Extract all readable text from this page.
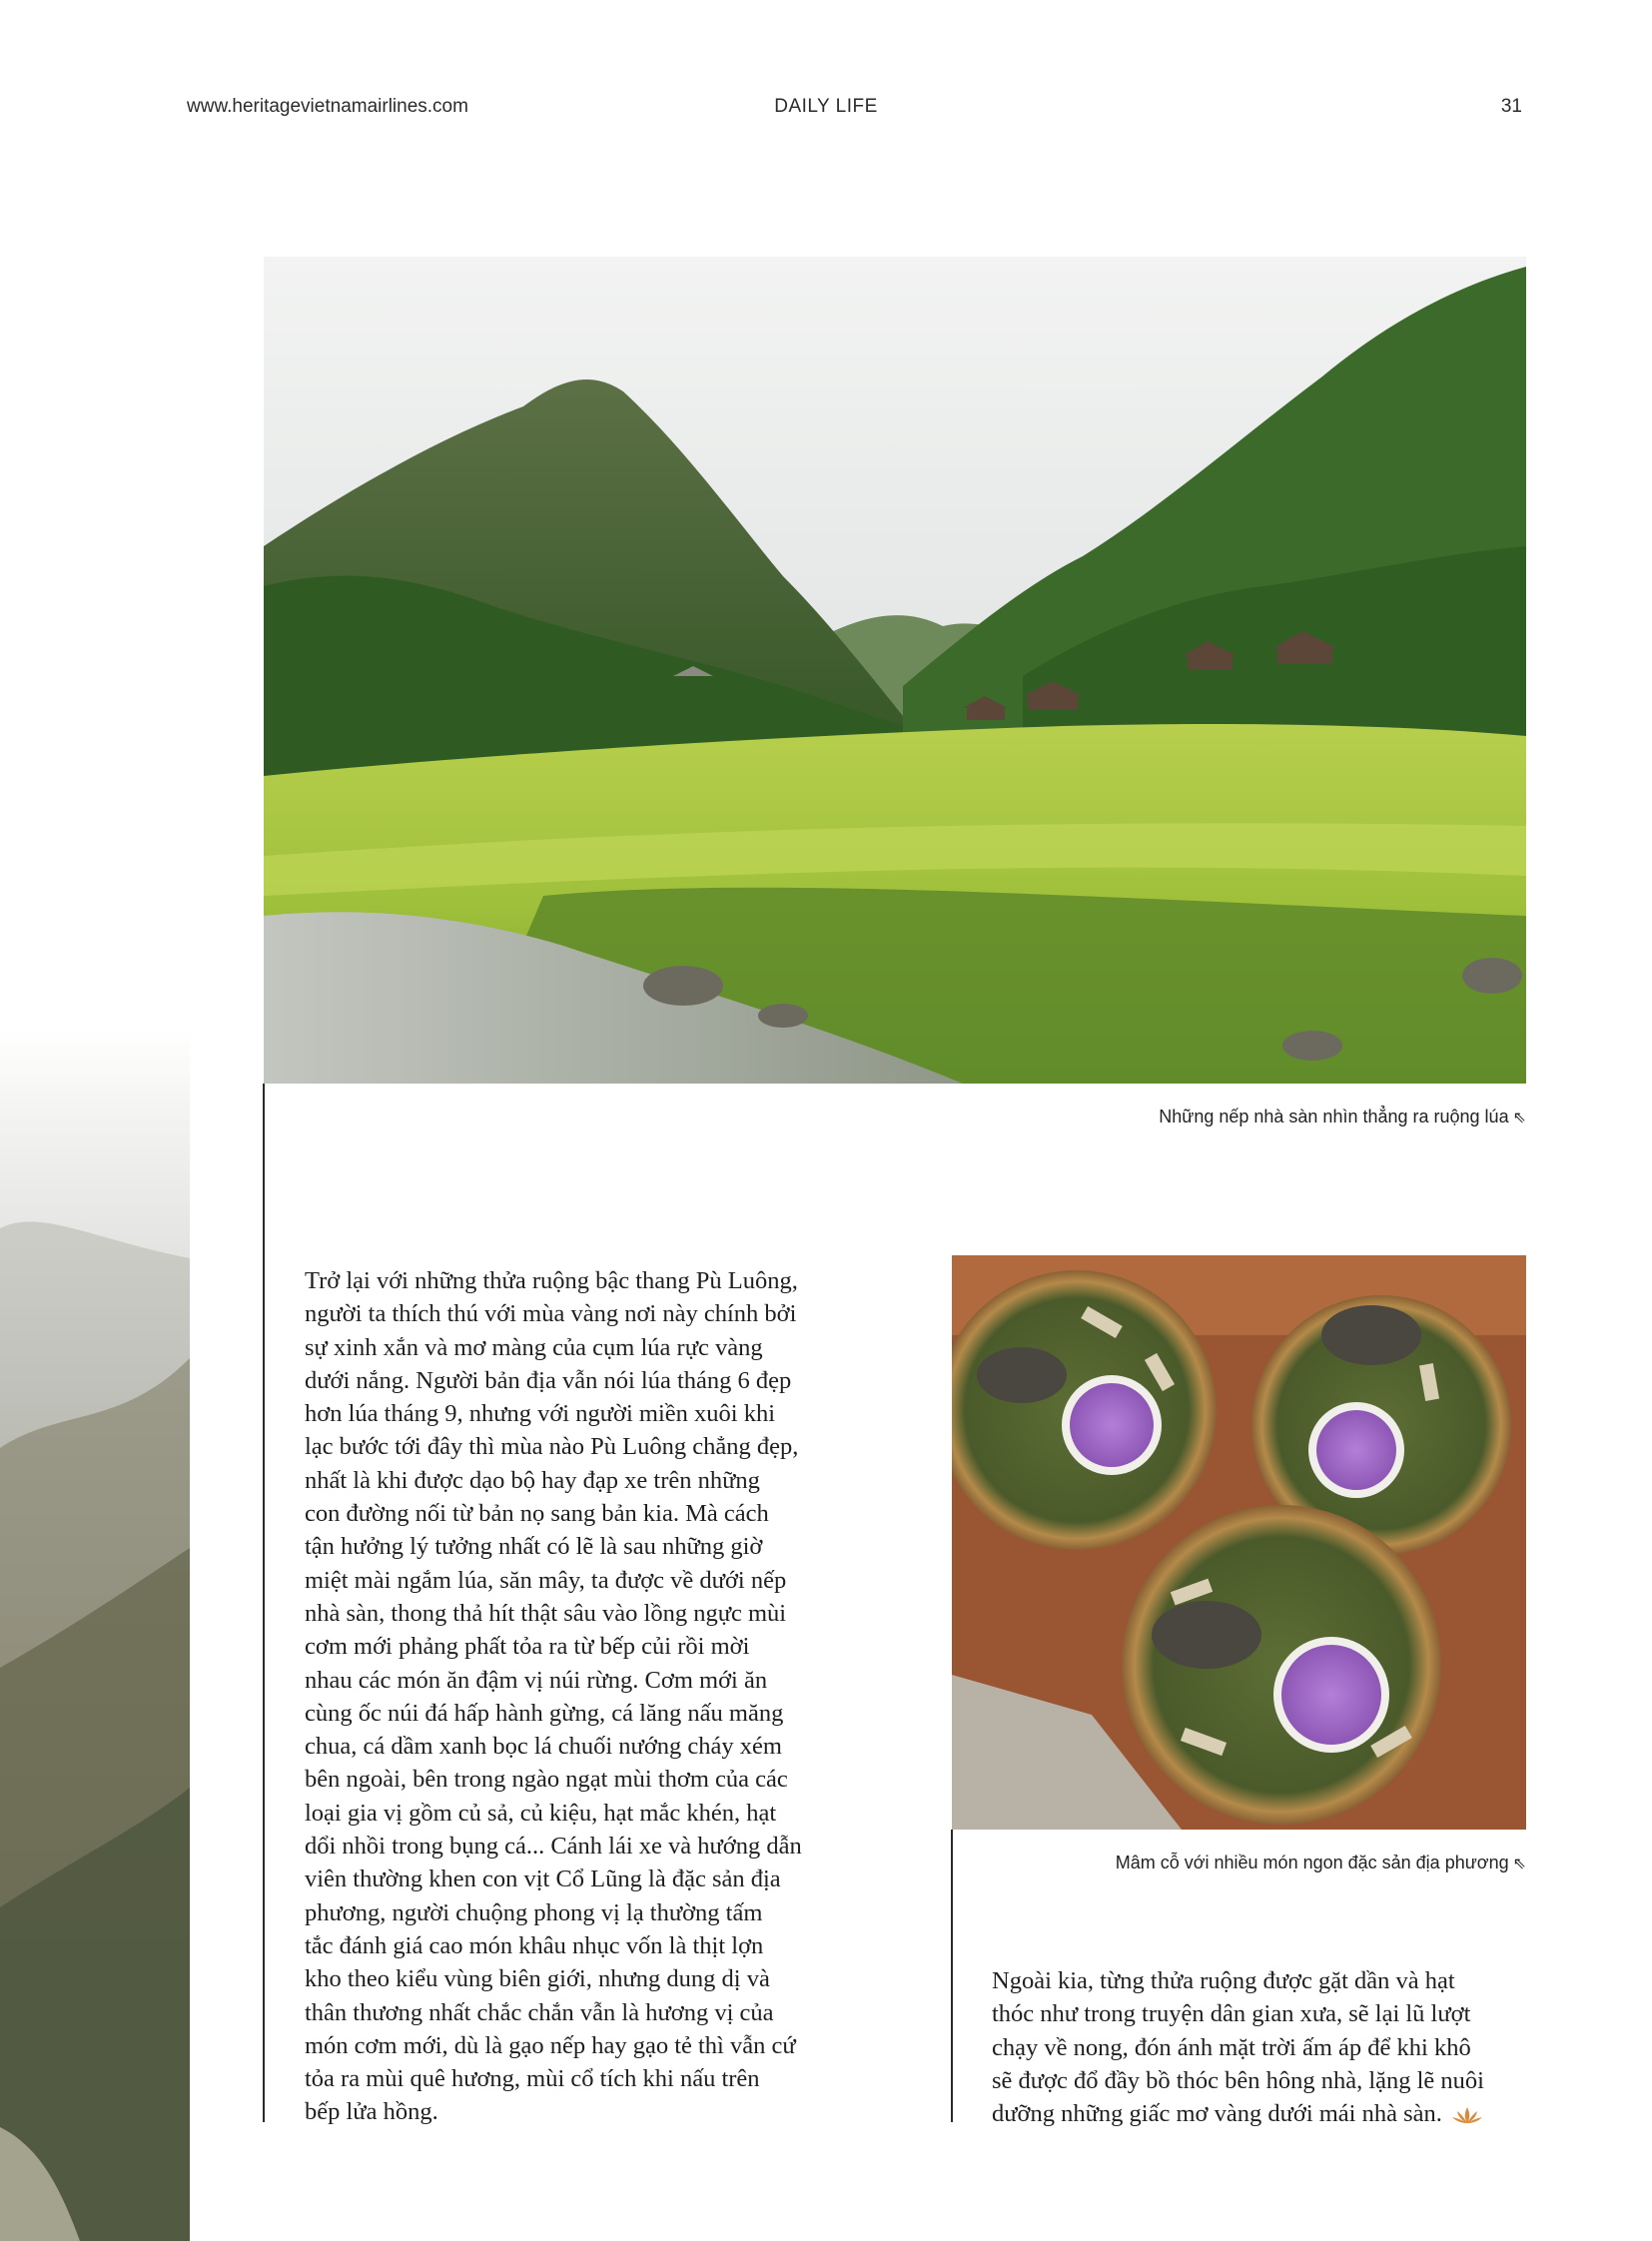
www.heritagevietnamairlines.com	DAILY LIFE	31
Những nếp nhà sàn nhìn thẳng ra ruộng lúa ⇖
Mâm cỗ với nhiều món ngon đặc sản địa phương ⇖

Trở lại với những thửa ruộng bậc thang Pù Luông,
người ta thích thú với mùa vàng nơi này chính bởi
sự xinh xắn và mơ màng của cụm lúa rực vàng
dưới nắng. Người bản địa vẫn nói lúa tháng 6 đẹp
hơn lúa tháng 9, nhưng với người miền xuôi khi
lạc bước tới đây thì mùa nào Pù Luông chẳng đẹp,
nhất là khi được dạo bộ hay đạp xe trên những
con đường nối từ bản nọ sang bản kia. Mà cách
tận hưởng lý tưởng nhất có lẽ là sau những giờ
miệt mài ngắm lúa, săn mây, ta được về dưới nếp
nhà sàn, thong thả hít thật sâu vào lồng ngực mùi
cơm mới phảng phất tỏa ra từ bếp củi rồi mời
nhau các món ăn đậm vị núi rừng. Cơm mới ăn
cùng ốc núi đá hấp hành gừng, cá lăng nấu măng
chua, cá dầm xanh bọc lá chuối nướng cháy xém
bên ngoài, bên trong ngào ngạt mùi thơm của các
loại gia vị gồm củ sả, củ kiệu, hạt mắc khén, hạt
dổi nhồi trong bụng cá... Cánh lái xe và hướng dẫn
viên thường khen con vịt Cổ Lũng là đặc sản địa
phương, người chuộng phong vị lạ thường tấm
tắc đánh giá cao món khâu nhục vốn là thịt lợn
kho theo kiểu vùng biên giới, nhưng dung dị và
thân thương nhất chắc chắn vẫn là hương vị của
món cơm mới, dù là gạo nếp hay gạo tẻ thì vẫn cứ
tỏa ra mùi quê hương, mùi cổ tích khi nấu trên
bếp lửa hồng.

Ngoài kia, từng thửa ruộng được gặt dần và hạt
thóc như trong truyện dân gian xưa, sẽ lại lũ lượt
chạy về nong, đón ánh mặt trời ấm áp để khi khô
sẽ được đổ đầy bồ thóc bên hông nhà, lặng lẽ nuôi
dưỡng những giấc mơ vàng dưới mái nhà sàn.
